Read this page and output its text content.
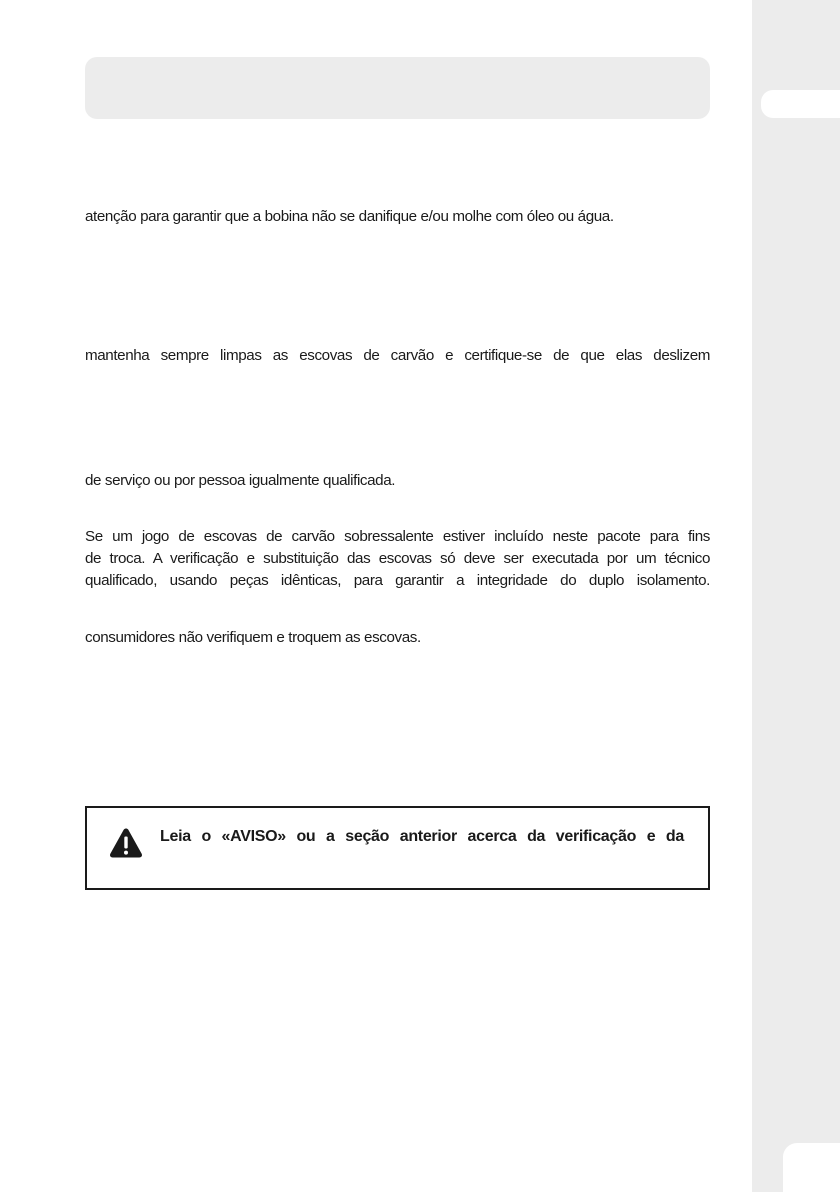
atenção para garantir que a bobina não se danifique e/ou molhe com óleo ou água.

mantenha sempre limpas as escovas de carvão e certifique-se de que elas deslizem

de serviço ou por pessoa igualmente qualificada.

Se um jogo de escovas de carvão sobressalente estiver incluído neste pacote para fins
de troca. A verificação e substituição das escovas só deve ser executada por um técnico
qualificado, usando peças idênticas, para garantir a integridade do duplo isolamento.

consumidores não verifiquem e troquem as escovas.

Leia o «AVISO» ou a seção anterior acerca da verificação e da
